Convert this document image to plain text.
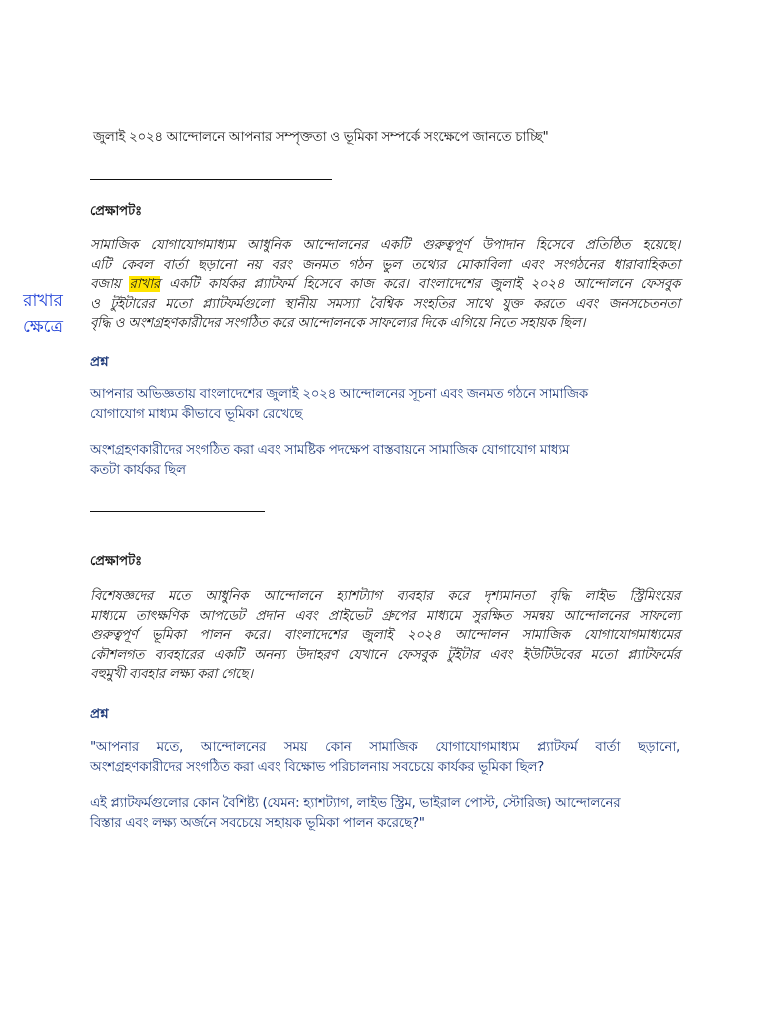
জুলাই ২০২৪ আন্দোলনে আপনার সম্পৃক্ততা ও ভূমিকা সম্পর্কে সংক্ষেপে জানতে চাচ্ছি"
প্রেক্ষাপটঃ
সামাজিক যোগাযোগমাধ্যম আধুনিক আন্দোলনের একটি গুরুত্বপূর্ণ উপাদান হিসেবে প্রতিষ্ঠিত হয়েছে।
এটি কেবল বার্তা ছড়ানো নয় বরং জনমত গঠন ভুল তথ্যের মোকাবিলা এবং সংগঠনের ধারাবাহিকতা
বজায় রাখার একটি কার্যকর প্ল্যাটফর্ম হিসেবে কাজ করে। বাংলাদেশের জুলাই ২০২৪ আন্দোলনে ফেসবুক
ও টুইটারের মতো প্ল্যাটফর্মগুলো স্থানীয় সমস্যা বৈশ্বিক সংহতির সাথে যুক্ত করতে এবং জনসচেতনতা
বৃদ্ধি ও অংশগ্রহণকারীদের সংগঠিত করে আন্দোলনকে সাফল্যের দিকে এগিয়ে নিতে সহায়ক ছিল।
রাখার
ক্ষেত্রে
প্রশ্ন
আপনার অভিজ্ঞতায় বাংলাদেশের জুলাই ২০২৪ আন্দোলনের সূচনা এবং জনমত গঠনে সামাজিক
যোগাযোগ মাধ্যম কীভাবে ভূমিকা রেখেছে
অংশগ্রহণকারীদের সংগঠিত করা এবং সামষ্টিক পদক্ষেপ বাস্তবায়নে সামাজিক যোগাযোগ মাধ্যম
কতটা কার্যকর ছিল
প্রেক্ষাপটঃ
বিশেষজ্ঞদের মতে আধুনিক আন্দোলনে হ্যাশট্যাগ ব্যবহার করে দৃশ্যমানতা বৃদ্ধি লাইভ স্ট্রিমিংয়ের
মাধ্যমে তাৎক্ষণিক আপডেট প্রদান এবং প্রাইভেট গ্রুপের মাধ্যমে সুরক্ষিত সমন্বয় আন্দোলনের সাফল্যে
গুরুত্বপূর্ণ ভূমিকা পালন করে। বাংলাদেশের জুলাই ২০২৪ আন্দোলন সামাজিক যোগাযোগমাধ্যমের
কৌশলগত ব্যবহারের একটি অনন্য উদাহরণ যেখানে ফেসবুক টুইটার এবং ইউটিউবের মতো প্ল্যাটফর্মের
বহুমুখী ব্যবহার লক্ষ্য করা গেছে।
প্রশ্ন
"আপনার মতে, আন্দোলনের সময় কোন সামাজিক যোগাযোগমাধ্যম প্ল্যাটফর্ম বার্তা ছড়ানো,
অংশগ্রহণকারীদের সংগঠিত করা এবং বিক্ষোভ পরিচালনায় সবচেয়ে কার্যকর ভূমিকা ছিল?
এই প্ল্যাটফর্মগুলোর কোন বৈশিষ্ট্য (যেমন: হ্যাশট্যাগ, লাইভ স্ট্রিম, ভাইরাল পোস্ট, স্টোরিজ) আন্দোলনের
বিস্তার এবং লক্ষ্য অর্জনে সবচেয়ে সহায়ক ভূমিকা পালন করেছে?"
